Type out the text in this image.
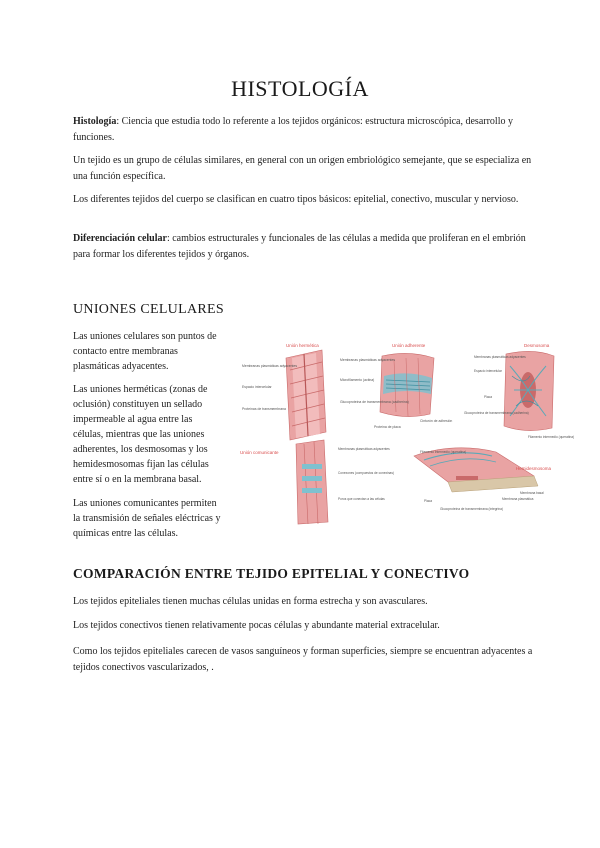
HISTOLOGÍA
Histología: Ciencia que estudia todo lo referente a los tejidos orgánicos: estructura microscópica, desarrollo y funciones.
Un tejido es un grupo de células similares, en general con un origen embriológico semejante, que se especializa en una función específica.
Los diferentes tejidos del cuerpo se clasifican en cuatro tipos básicos: epitelial, conectivo, muscular y nervioso.
Diferenciación celular: cambios estructurales y funcionales de las células a medida que proliferan en el embrión para formar los diferentes tejidos y órganos.
UNIONES CELULARES
Las uniones celulares son puntos de contacto entre membranas plasmáticas adyacentes.
Las uniones herméticas (zonas de oclusión) constituyen un sellado impermeable al agua entre las células, mientras que las uniones adherentes, los desmosomas y los hemidesmosomas fijan las células entre sí o en la membrana basal.
Las uniones comunicantes permiten la transmisión de señales eléctricas y químicas entre las células.
Unión hermética
Membranas plasmáticas adyacentes
Espacio intercelular
Proteínas de transmembrana
Unión adherente
Membranas plasmáticas adyacentes
Microfilamento (actina)
Glucoproteína de transmembrana (cadherina)
Cinturón de adhesión
Proteína de placa
Desmosoma
Membranas plasmáticas adyacentes
Espacio intercelular
Placa
Glucoproteína de transmembrana (cadherina)
Filamento intermedio (queratina)
Unión comunicante
Membranas plasmáticas adyacentes
Conexones (compuestos de conexinas)
Poros que conectan a las células
Hemidesmosoma
Filamento intermedio (queratina)
Placa
Membrana basal
Membrana plasmática
Glucoproteína de transmembrana (integrina)
COMPARACIÓN ENTRE TEJIDO EPITELIAL Y CONECTIVO
Los tejidos epiteliales tienen muchas células unidas en forma estrecha y son avasculares.
Los tejidos conectivos tienen relativamente pocas células y abundante material extracelular.
Como los tejidos epiteliales carecen de vasos sanguíneos y forman superficies, siempre se encuentran adyacentes a tejidos conectivos vascularizados, .
